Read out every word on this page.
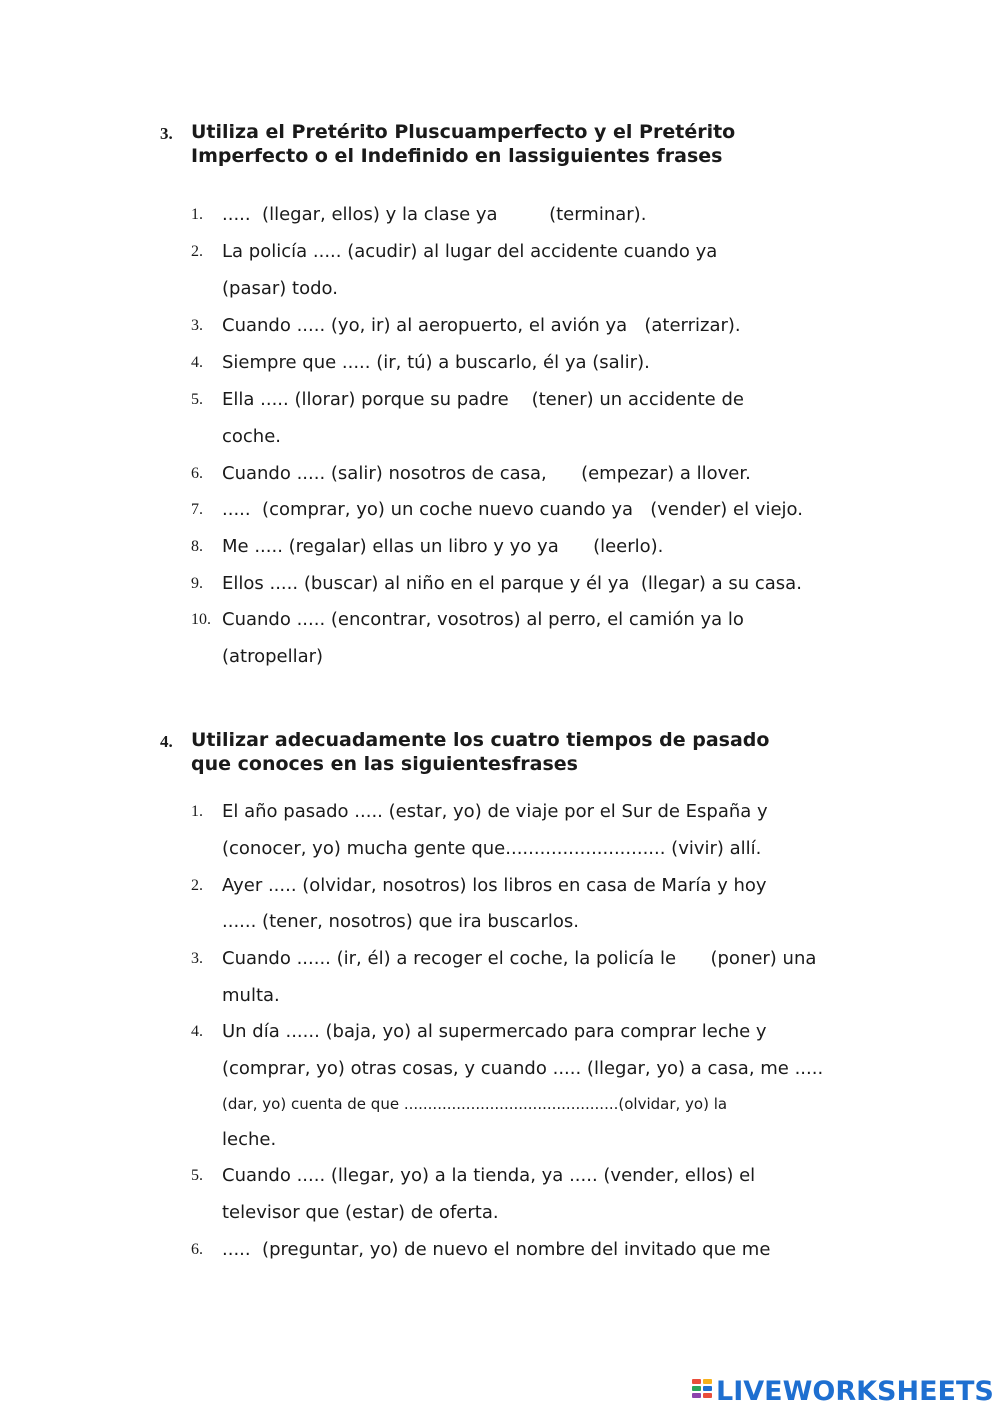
3. Utiliza el Pretérito Pluscuamperfecto y el Pretérito
Imperfecto o el Indefinido en lassiguientes frases
1. .....  (llegar, ellos) y la clase ya         (terminar).
2. La policía ..... (acudir) al lugar del accidente cuando ya
(pasar) todo.
3. Cuando ..... (yo, ir) al aeropuerto, el avión ya   (aterrizar).
4. Siempre que ..... (ir, tú) a buscarlo, él ya (salir).
5. Ella ..... (llorar) porque su padre    (tener) un accidente de
coche.
6. Cuando ..... (salir) nosotros de casa,      (empezar) a llover.
7. .....  (comprar, yo) un coche nuevo cuando ya   (vender) el viejo.
8. Me ..... (regalar) ellas un libro y yo ya      (leerlo).
9. Ellos ..... (buscar) al niño en el parque y él ya  (llegar) a su casa.
10. Cuando ..... (encontrar, vosotros) al perro, el camión ya lo
(atropellar)
4. Utilizar adecuadamente los cuatro tiempos de pasado
que conoces en las siguientesfrases
1. El año pasado ..... (estar, yo) de viaje por el Sur de España y
(conocer, yo) mucha gente que............................ (vivir) allí.
2. Ayer ..... (olvidar, nosotros) los libros en casa de María y hoy
...... (tener, nosotros) que ira buscarlos.
3. Cuando ...... (ir, él) a recoger el coche, la policía le      (poner) una
multa.
4. Un día ...... (baja, yo) al supermercado para comprar leche y
(comprar, yo) otras cosas, y cuando ..... (llegar, yo) a casa, me .....
(dar, yo) cuenta de que .............................................(olvidar, yo) la
leche.
5. Cuando ..... (llegar, yo) a la tienda, ya ..... (vender, ellos) el
televisor que (estar) de oferta.
6. .....  (preguntar, yo) de nuevo el nombre del invitado que me
LIVEWORKSHEETS
